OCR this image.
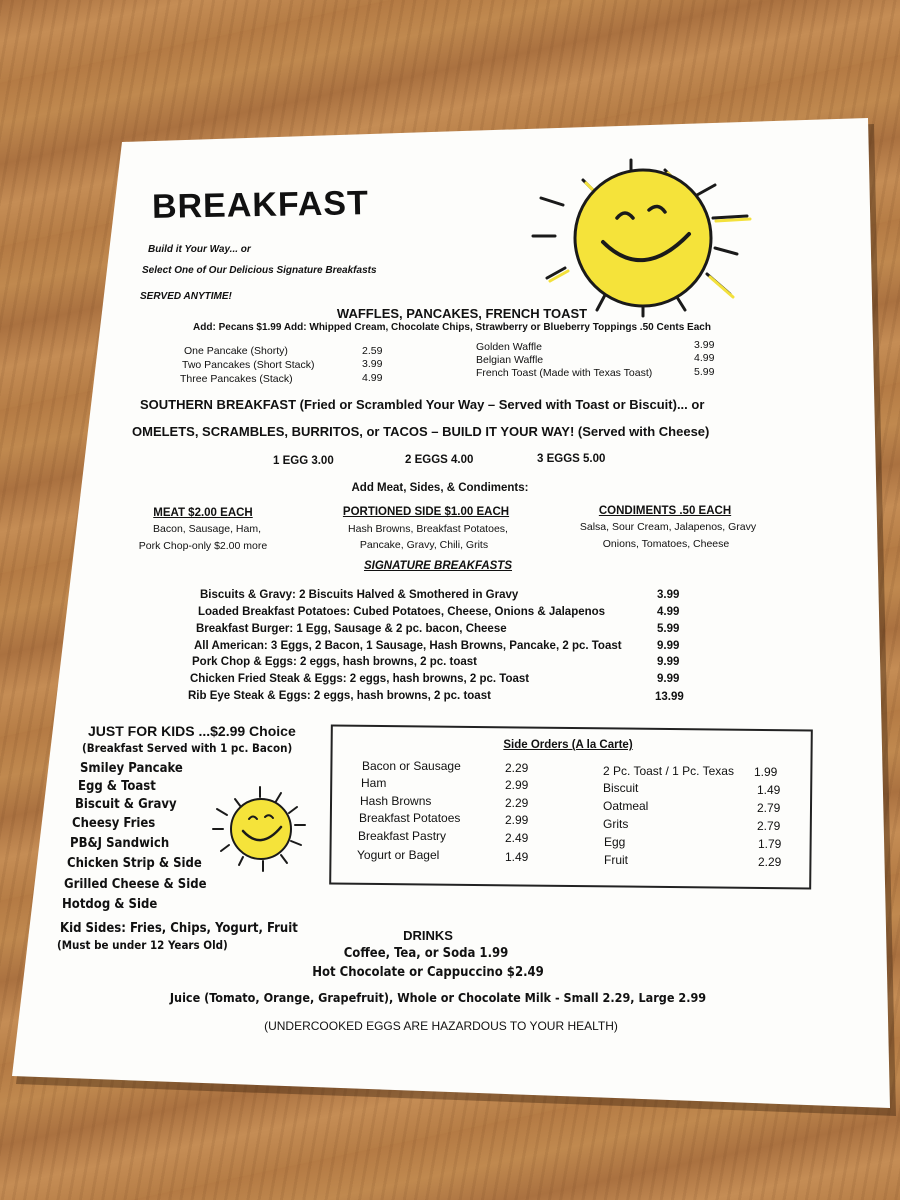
BREAKFAST
Build it Your Way... or
Select One of Our Delicious Signature Breakfasts
SERVED ANYTIME!
WAFFLES, PANCAKES, FRENCH TOAST
Add: Pecans $1.99 Add: Whipped Cream, Chocolate Chips, Strawberry or Blueberry Toppings .50 Cents Each
One Pancake (Shorty)	2.59
Two Pancakes (Short Stack)	3.99
Three Pancakes (Stack)	4.99
Golden Waffle	3.99
Belgian Waffle	4.99
French Toast (Made with Texas Toast)	5.99
SOUTHERN BREAKFAST (Fried or Scrambled Your Way – Served with Toast or Biscuit)... or
OMELETS, SCRAMBLES, BURRITOS, or TACOS – BUILD IT YOUR WAY! (Served with Cheese)
1 EGG 3.00	2 EGGS 4.00	3 EGGS 5.00
Add Meat, Sides, & Condiments:
MEAT $2.00 EACH
Bacon, Sausage, Ham,
Pork Chop-only $2.00 more
PORTIONED SIDE $1.00 EACH
Hash Browns, Breakfast Potatoes,
Pancake, Gravy, Chili, Grits
CONDIMENTS .50 EACH
Salsa, Sour Cream, Jalapenos, Gravy
Onions, Tomatoes, Cheese
SIGNATURE BREAKFASTS
Biscuits & Gravy: 2 Biscuits Halved & Smothered in Gravy	3.99
Loaded Breakfast Potatoes: Cubed Potatoes, Cheese, Onions & Jalapenos	4.99
Breakfast Burger: 1 Egg, Sausage & 2 pc. bacon, Cheese	5.99
All American: 3 Eggs, 2 Bacon, 1 Sausage, Hash Browns, Pancake, 2 pc. Toast	9.99
Pork Chop & Eggs: 2 eggs, hash browns, 2 pc. toast	9.99
Chicken Fried Steak & Eggs: 2 eggs, hash browns, 2 pc. Toast	9.99
Rib Eye Steak & Eggs: 2 eggs, hash browns, 2 pc. toast	13.99
JUST FOR KIDS ...$2.99 Choice
(Breakfast Served with 1 pc. Bacon)
Smiley Pancake
Egg & Toast
Biscuit & Gravy
Cheesy Fries
PB&J Sandwich
Chicken Strip & Side
Grilled Cheese & Side
Hotdog & Side
Kid Sides: Fries, Chips, Yogurt, Fruit
(Must be under 12 Years Old)
Side Orders (A la Carte)
Bacon or Sausage	2.29
Ham	2.99
Hash Browns	2.29
Breakfast Potatoes	2.99
Breakfast Pastry	2.49
Yogurt or Bagel	1.49
2 Pc. Toast / 1 Pc. Texas 1.99
Biscuit	1.49
Oatmeal	2.79
Grits	2.79
Egg	1.79
Fruit	2.29
DRINKS
Coffee, Tea, or Soda 1.99
Hot Chocolate or Cappuccino $2.49
Juice (Tomato, Orange, Grapefruit), Whole or Chocolate Milk - Small 2.29, Large 2.99
(UNDERCOOKED EGGS ARE HAZARDOUS TO YOUR HEALTH)
